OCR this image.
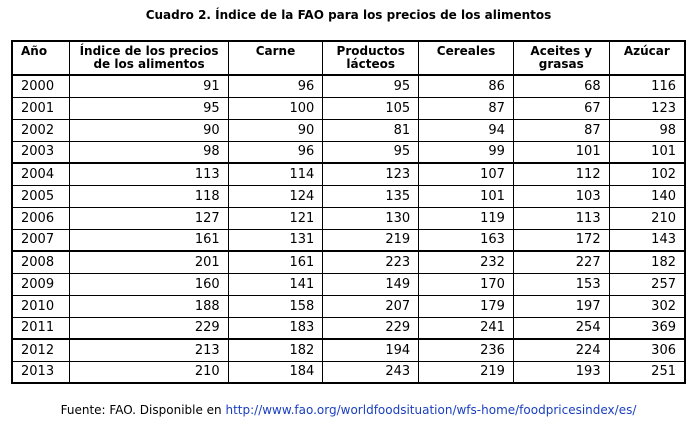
Cuadro 2. Índice de la FAO para los precios de los alimentos
Año	Índice de los precios de los alimentos	Carne	Productos lácteos	Cereales	Aceites y grasas	Azúcar
2000	91	96	95	86	68	116
2001	95	100	105	87	67	123
2002	90	90	81	94	87	98
2003	98	96	95	99	101	101
2004	113	114	123	107	112	102
2005	118	124	135	101	103	140
2006	127	121	130	119	113	210
2007	161	131	219	163	172	143
2008	201	161	223	232	227	182
2009	160	141	149	170	153	257
2010	188	158	207	179	197	302
2011	229	183	229	241	254	369
2012	213	182	194	236	224	306
2013	210	184	243	219	193	251
Fuente: FAO. Disponible en http://www.fao.org/worldfoodsituation/wfs-home/foodpricesindex/es/
